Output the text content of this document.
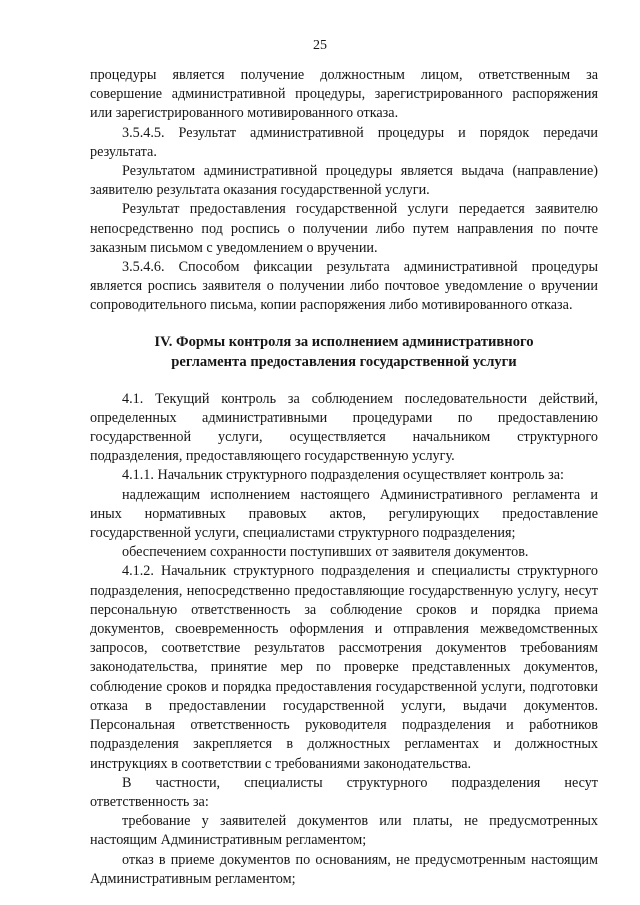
25

процедуры является получение должностным лицом, ответственным за совершение административной процедуры, зарегистрированного распоряжения или зарегистрированного мотивированного отказа.

3.5.4.5. Результат административной процедуры и порядок передачи результата.

Результатом административной процедуры является выдача (направление) заявителю результата оказания государственной услуги.

Результат предоставления государственной услуги передается заявителю непосредственно под роспись о получении либо путем направления по почте заказным письмом с уведомлением о вручении.

3.5.4.6. Способом фиксации результата административной процедуры является роспись заявителя о получении либо почтовое уведомление о вручении сопроводительного письма, копии распоряжения либо мотивированного отказа.

IV. Формы контроля за исполнением административного
регламента предоставления государственной услуги

4.1. Текущий контроль за соблюдением последовательности действий, определенных административными процедурами по предоставлению государственной услуги, осуществляется начальником структурного подразделения, предоставляющего государственную услугу.

4.1.1. Начальник структурного подразделения осуществляет контроль за:

надлежащим исполнением настоящего Административного регламента и иных нормативных правовых актов, регулирующих предоставление государственной услуги, специалистами структурного подразделения;

обеспечением сохранности поступивших от заявителя документов.

4.1.2. Начальник структурного подразделения и специалисты структурного подразделения, непосредственно предоставляющие государственную услугу, несут персональную ответственность за соблюдение сроков и порядка приема документов, своевременность оформления и отправления межведомственных запросов, соответствие результатов рассмотрения документов требованиям законодательства, принятие мер по проверке представленных документов, соблюдение сроков и порядка предоставления государственной услуги, подготовки отказа в предоставлении государственной услуги, выдачи документов. Персональная ответственность руководителя подразделения и работников подразделения закрепляется в должностных регламентах и должностных инструкциях в соответствии с требованиями законодательства.

В частности, специалисты структурного подразделения несут ответственность за:

требование у заявителей документов или платы, не предусмотренных настоящим Административным регламентом;

отказ в приеме документов по основаниям, не предусмотренным настоящим Административным регламентом;
